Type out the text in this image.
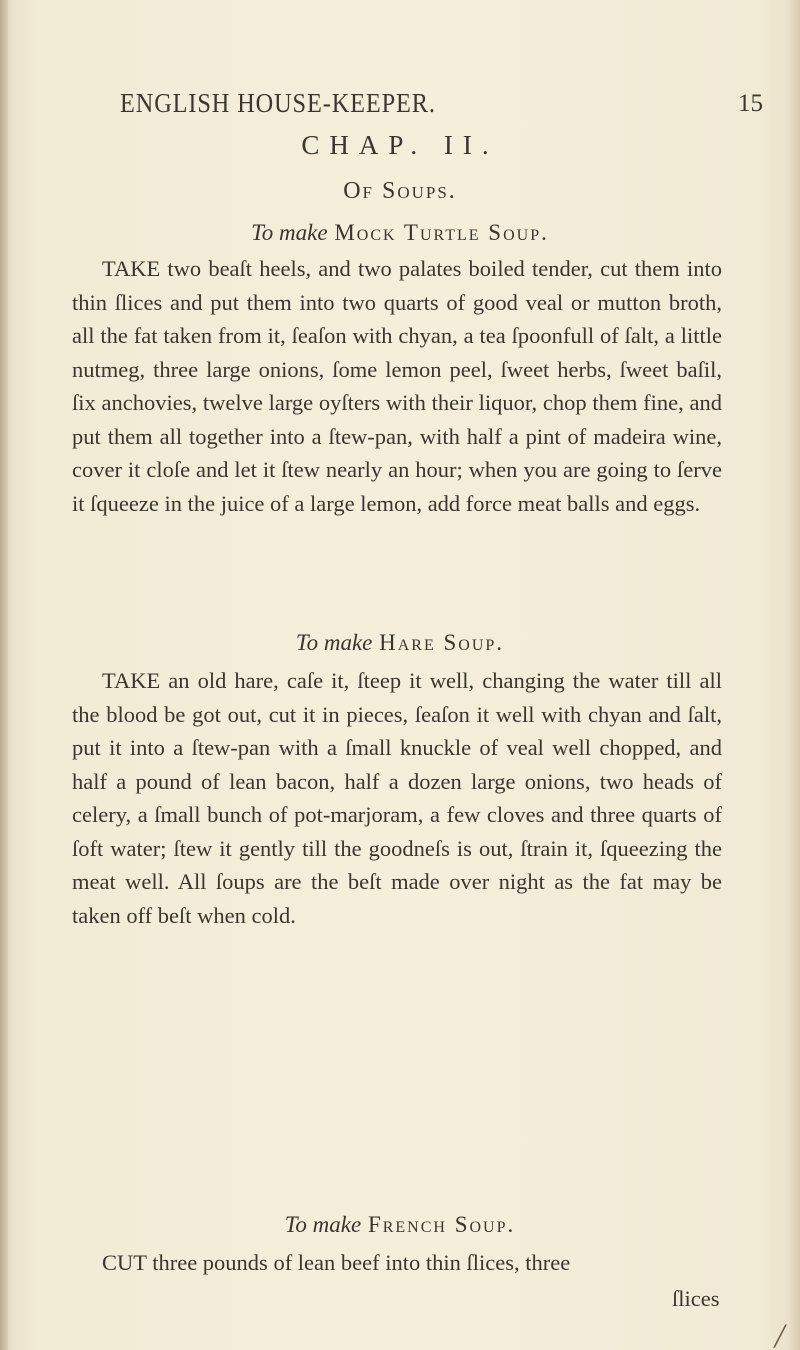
ENGLISH HOUSE-KEEPER.	15
CHAP. II.
Of Soups.
To make Mock Turtle Soup.

TAKE two beaſt heels, and two palates boiled tender, cut them into thin ſlices and put them into two quarts of good veal or mutton broth, all the fat taken from it, ſeaſon with chyan, a tea ſpoonfull of ſalt, a little nutmeg, three large onions, ſome lemon peel, ſweet herbs, ſweet baſil, ſix anchovies, twelve large oyſters with their liquor, chop them fine, and put them all together into a ſtew-pan, with half a pint of madeira wine, cover it cloſe and let it ſtew nearly an hour; when you are going to ſerve it ſqueeze in the juice of a large lemon, add force meat balls and eggs.

To make Hare Soup.

TAKE an old hare, caſe it, ſteep it well, changing the water till all the blood be got out, cut it in pieces, ſeaſon it well with chyan and ſalt, put it into a ſtew-pan with a ſmall knuckle of veal well chopped, and half a pound of lean bacon, half a dozen large onions, two heads of celery, a ſmall bunch of pot-marjoram, a few cloves and three quarts of ſoft water; ſtew it gently till the goodneſs is out, ſtrain it, ſqueezing the meat well. All ſoups are the beſt made over night as the fat may be taken off beſt when cold.

To make French Soup.

CUT three pounds of lean beef into thin ſlices, three

ſlices
╱
